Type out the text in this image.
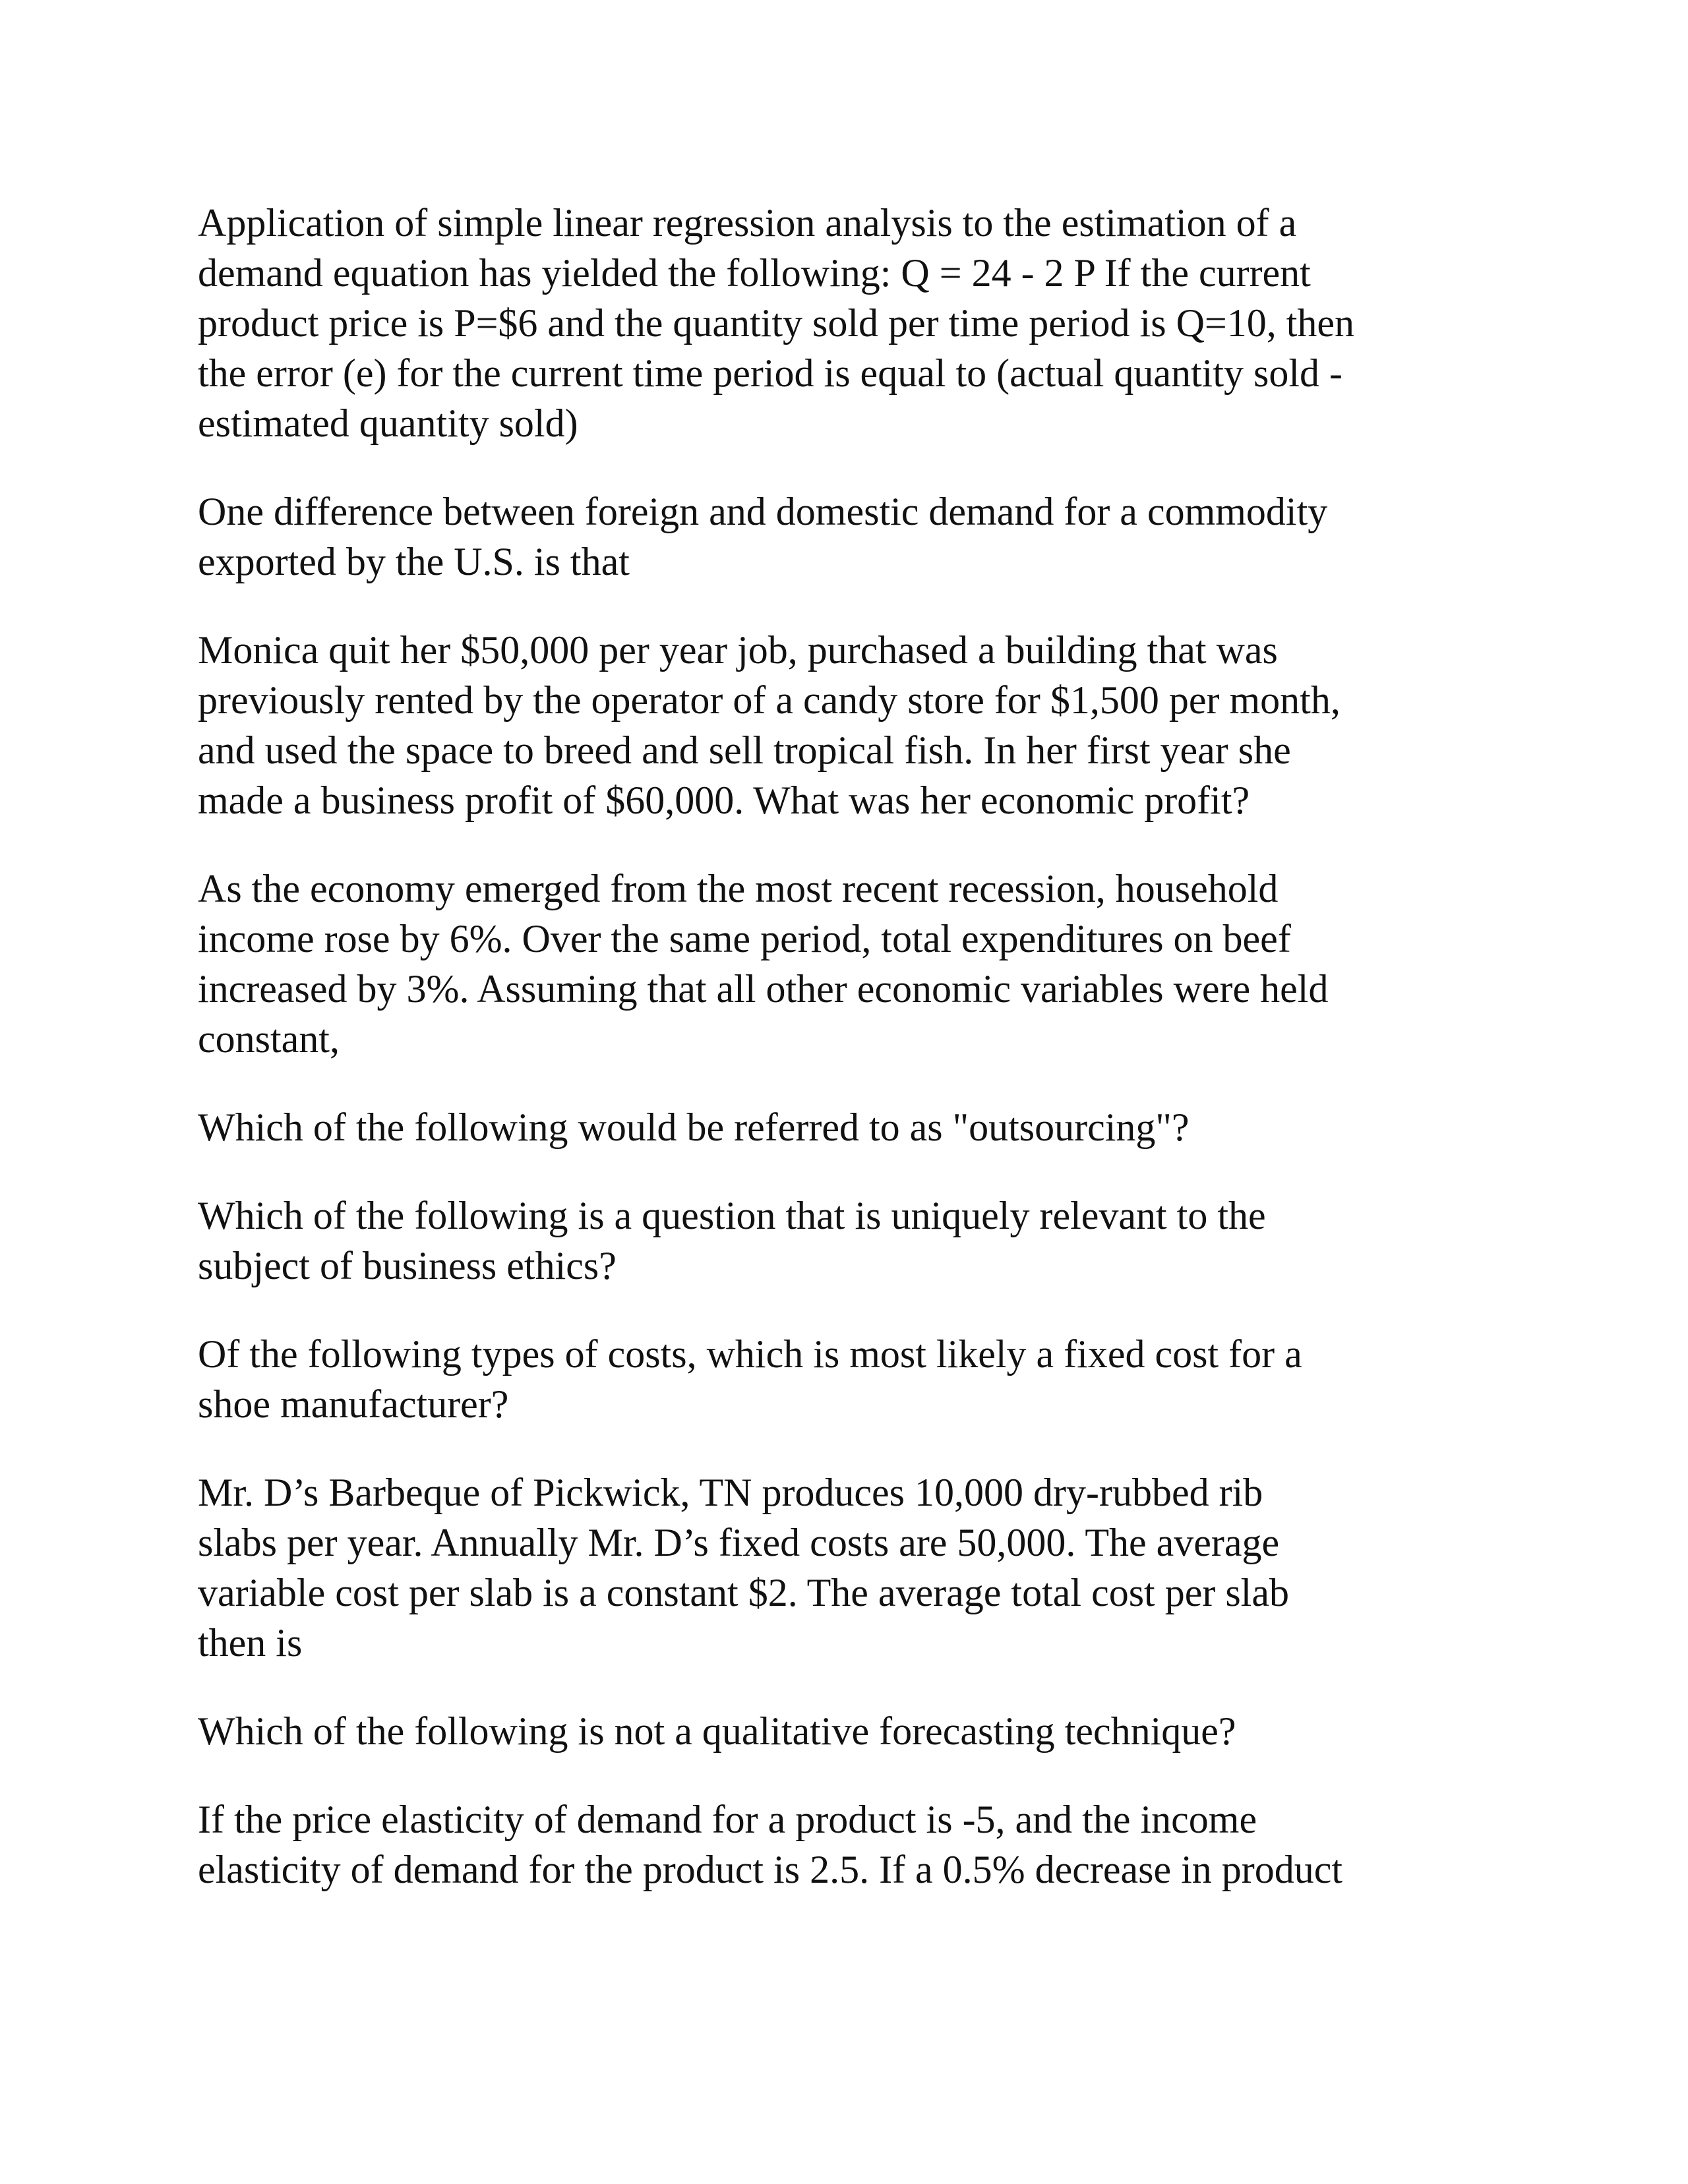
Application of simple linear regression analysis to the estimation of a
demand equation has yielded the following: Q = 24 - 2 P If the current
product price is P=$6 and the quantity sold per time period is Q=10, then
the error (e) for the current time period is equal to (actual quantity sold -
estimated quantity sold)

One difference between foreign and domestic demand for a commodity
exported by the U.S. is that

Monica quit her $50,000 per year job, purchased a building that was
previously rented by the operator of a candy store for $1,500 per month,
and used the space to breed and sell tropical fish. In her first year she
made a business profit of $60,000. What was her economic profit?

As the economy emerged from the most recent recession, household
income rose by 6%. Over the same period, total expenditures on beef
increased by 3%. Assuming that all other economic variables were held
constant,

Which of the following would be referred to as "outsourcing"?

Which of the following is a question that is uniquely relevant to the
subject of business ethics?

Of the following types of costs, which is most likely a fixed cost for a
shoe manufacturer?

Mr. D’s Barbeque of Pickwick, TN produces 10,000 dry-rubbed rib
slabs per year. Annually Mr. D’s fixed costs are 50,000. The average
variable cost per slab is a constant $2. The average total cost per slab
then is

Which of the following is not a qualitative forecasting technique?

If the price elasticity of demand for a product is -5, and the income
elasticity of demand for the product is 2.5. If a 0.5% decrease in product
